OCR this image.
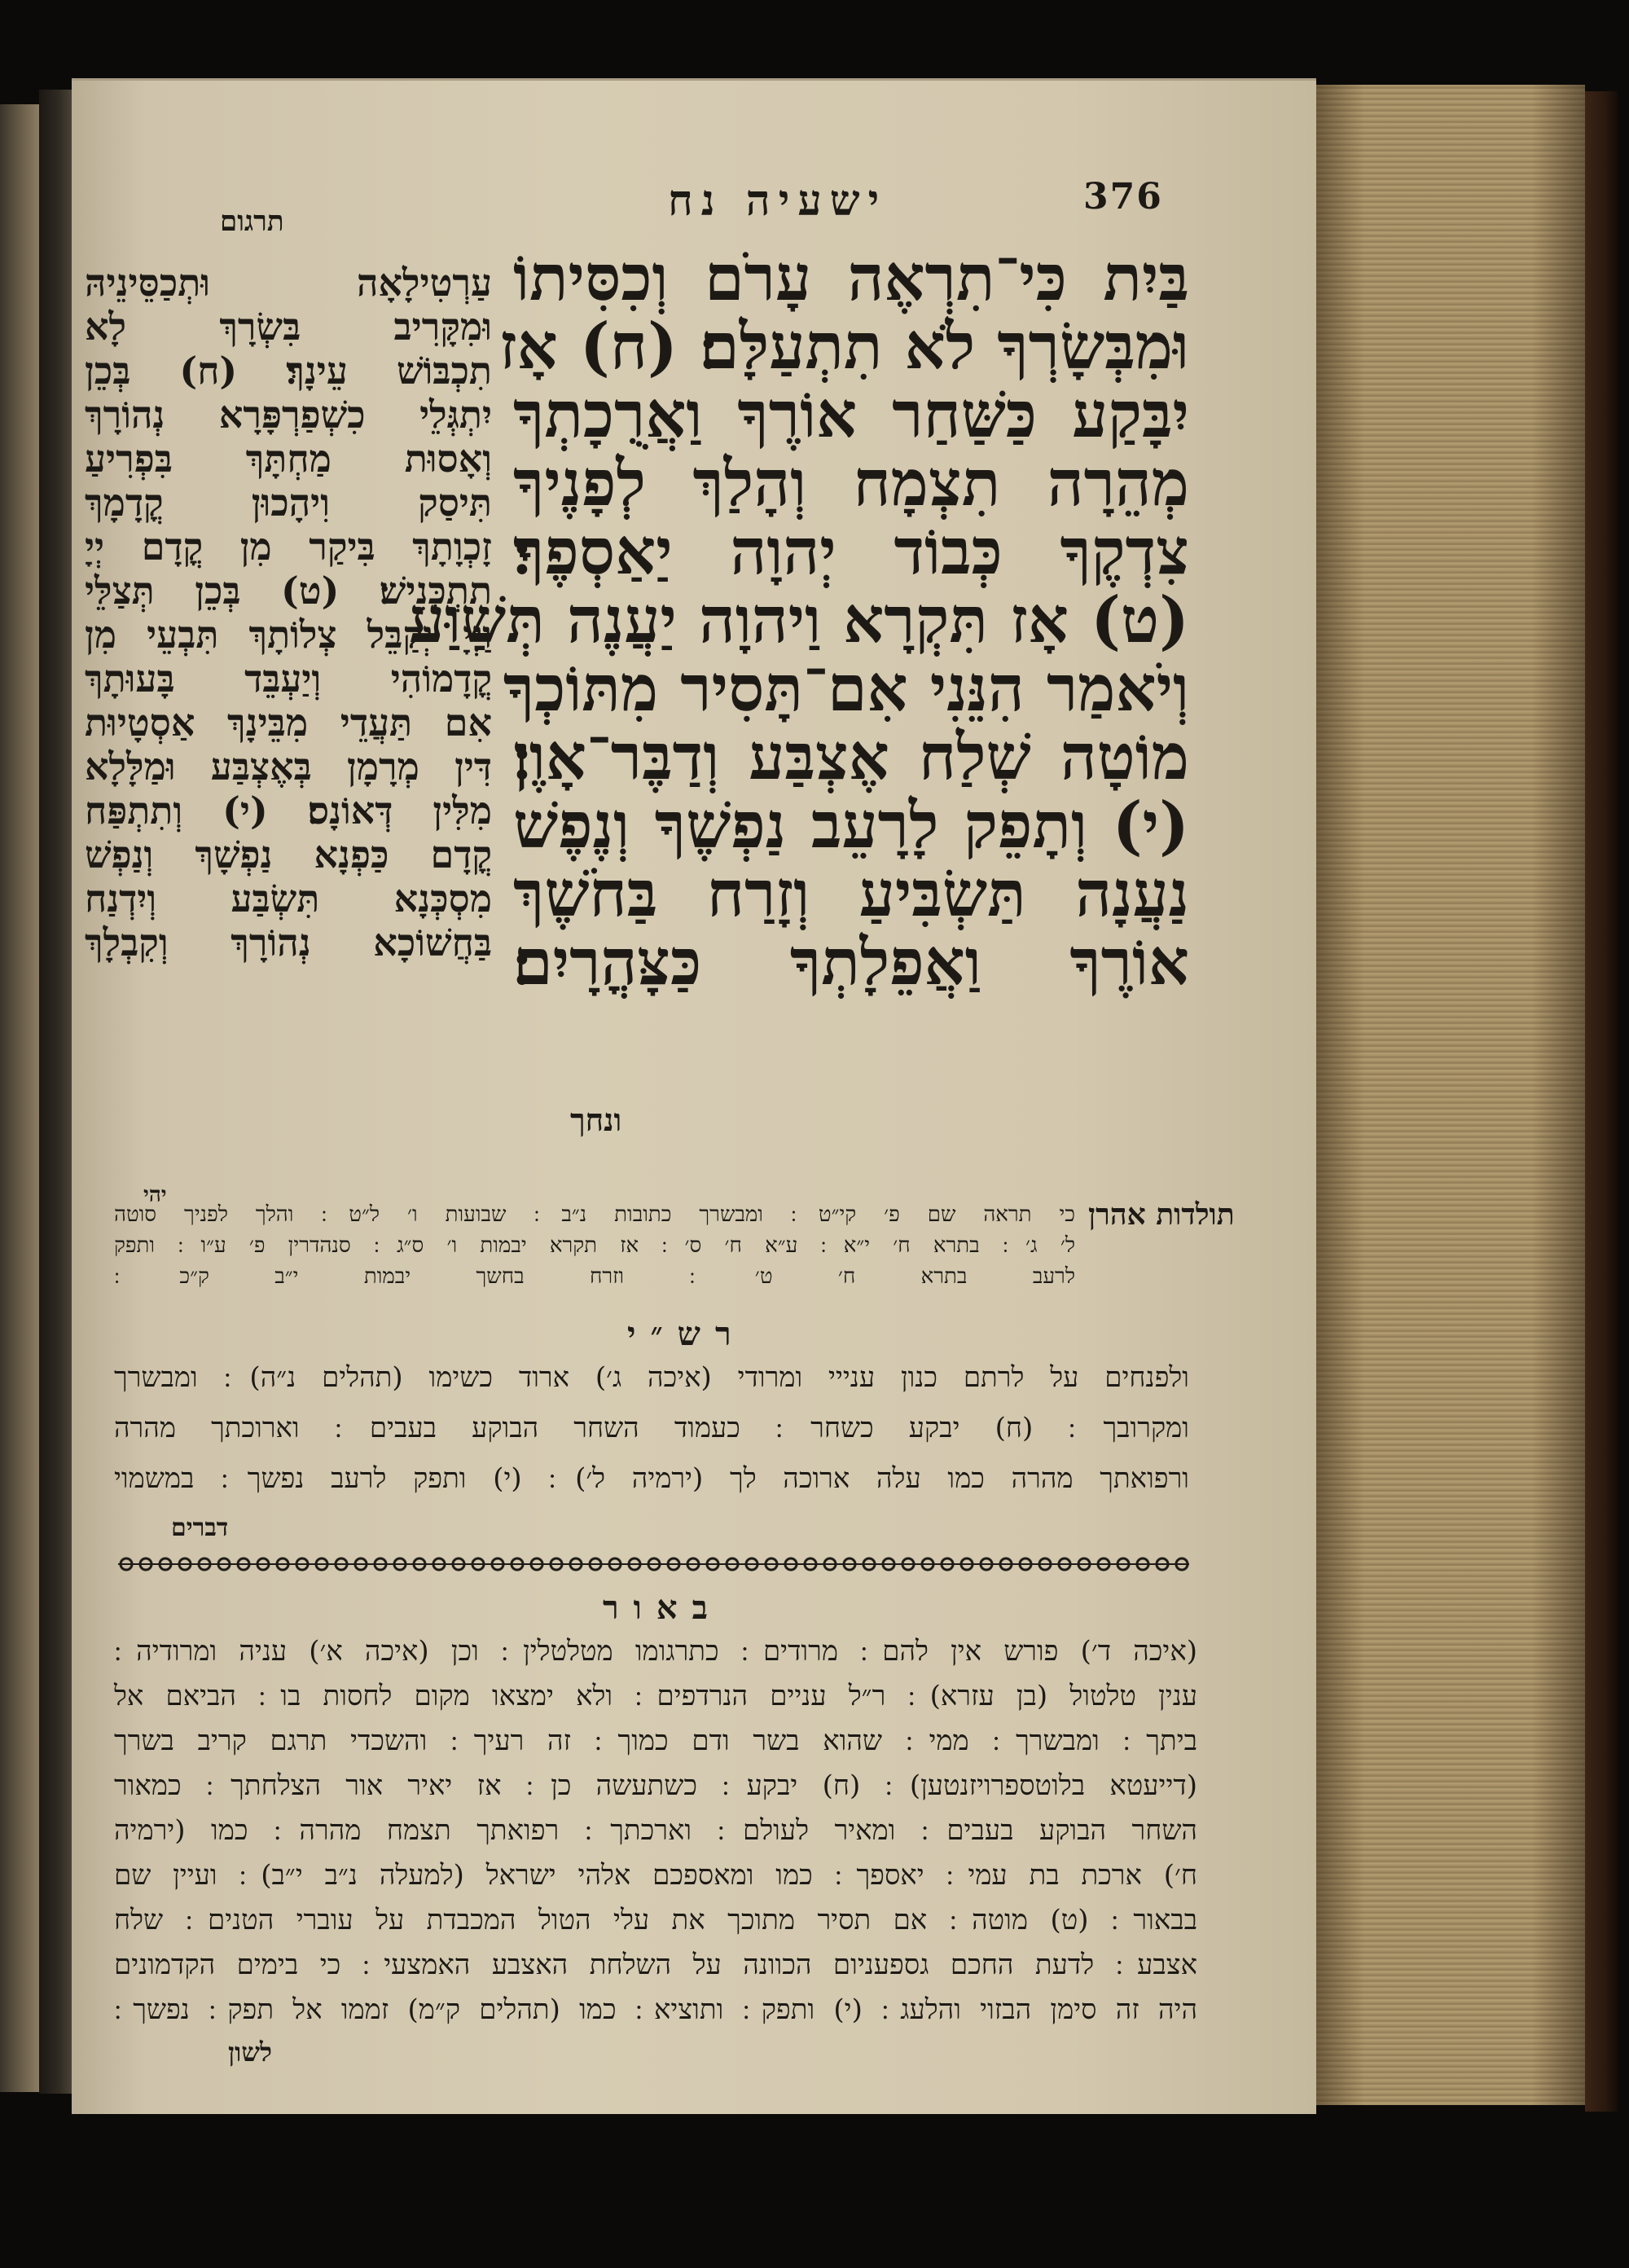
376

ישעיה נח

תרגום

בַּיִת כִּי־תִרְאֶה עָרֹם וְכִסִּיתוֹ
וּמִבְּשָׂרְךָ לֹא תִתְעַלָּם׃ (ח) אָז
יִבָּקַע כַּשַּׁחַר אוֹרֶךָ וַאֲרֻכָתְךָ
מְהֵרָה תִצְמָח וְהָלַךְ לְפָנֶיךָ
צִדְקֶךָ כְּבוֹד יְהוָה יַאַסְפֶךָ׃
(ט) אָז תִּקְרָא וַיהוָה יַעֲנֶה תְּשַׁוַּע
וְיֹאמַר הִנֵּנִי אִם־תָּסִיר מִתּוֹכְךָ
מוֹטָה שְׁלַח אֶצְבַּע וְדַבֶּר־אָוֶן׃
(י) וְתָפֵק לָרָעֵב נַפְשֶׁךָ וְנֶפֶשׁ
נַעֲנָה תַּשְׂבִּיעַ וְזָרַח בַּחֹשֶׁךְ
אוֹרֶךָ וַאֲפֵלָתְךָ כַּצָּהֳרָיִם׃

ונחך

עַרְטִילָאָה וּתְכַסֵּינֵיהּ
וּמִקָּרִיב בִּשְׂרָךְ לָא
תִכְבּוֹשׁ עֵינָךְ׃ (ח) בְּכֵן
יִתְגְּלֵי כִשְׁפַרְפָּרָא נְהוֹרָךְ
וְאָסוּת מַחְתָּךְ בִּפְרִיעַ
תִּיסַק וִיהָכוּן קֳדָמָךְ
זָכְוָתָךְ בִּיקַר מִן קֳדָם יְיָ
תִתְכְּנֵישׁ׃ (ט) בְּכֵן תְּצַלֵּי
וַיְיָ יְקַבֵּל צְלוֹתָךְ תִּבְעֵי מִן
קֳדָמוֹהִי וְיַעְבֵּד בָּעוּתָךְ
אִם תַּעֲדֵי מִבֵּינָךְ אַסְטָיוּת
דִּין מְרָמָן בְּאֶצְבַּע וּמַלָּלָא
מִלִּין דְּאוֹנָס׃ (י) וְתִתְפַּח
קֳדָם כַּפְנָא נַפְשָׁךְ וְנַפְשׁ
מִסְכְּנָא תִּשְׂבַּע וְיִדְנַח
בַּחֲשׁוֹכָא נְהוֹרָךְ וְקִבְלָךְ

יהי

תולדות אהרן

כי תראה שם פ׳ קי״ט ׃ ומבשרך כתובות נ״ב ׃ שבועות ו׳ ל״ט ׃ והלך לפניך סוטה
ל׳ ג׳ ׃ בתרא ח׳ י״א ׃ ע״א ח׳ ס׳ ׃ אז תקרא יבמות ו׳ ס״ג ׃ סנהדרין פ׳ ע״ו ׃ ותפק
לרעב בתרא ח׳ ט׳ ׃ וזרח בחשך יבמות י״ב ק״כ ׃

רש״י

ולפנחים על לרתם כנון ענייי ומרודי (איכה ג׳) ארוד כשימו (תהלים נ״ה) ׃ ומבשרך
ומקרובך ׃ (ח) יבקע כשחר ׃ כעמוד השחר הבוקע בעבים ׃ וארוכתך מהרה
ורפואתך מהרה כמו עלה ארוכה לך (ירמיה ל׳) ׃ (י) ותפק לרעב נפשך ׃ במשמוי

דברים

באור

(איכה ד׳) פורש אין להם ׃ מרודים ׃ כתרגומו מטלטלין ׃ וכן (איכה א׳) עניה ומרודיה ׃
ענין טלטול (בן עזרא) ׃ ר״ל עניים הנרדפים ׃ ולא ימצאו מקום לחסות בו ׃ הביאם אל
ביתך ׃ ומבשרך ׃ ממי ׃ שהוא בשר ודם כמוך ׃ זה רעיך ׃ והשכדי תרגם קריב בשרך
(דייעטא בלוטספרויזנטען) ׃ (ח) יבקע ׃ כשתעשה כן ׃ אז יאיר אור הצלחתך ׃ כמאור
השחר הבוקע בעבים ׃ ומאיר לעולם ׃ וארכתך ׃ רפואתך תצמח מהרה ׃ כמו (ירמיה
ח׳) ארכת בת עמי ׃ יאספך ׃ כמו ומאספכם אלהי ישראל (למעלה נ״ב י״ב) ׃ ועיין שם
בבאור ׃ (ט) מוטה ׃ אם תסיר מתוכך את עלי הטול המכבדת על עוברי הטנים ׃ שלח
אצבע ׃ לדעת החכם גספעניום הכוונה על השלחת האצבע האמצעי ׃ כי בימים הקדמונים
היה זה סימן הבזוי והלעג ׃ (י) ותפק ׃ ותוציא ׃ כמו (תהלים ק״מ) זממו אל תפק ׃ נפשך ׃

לשון
